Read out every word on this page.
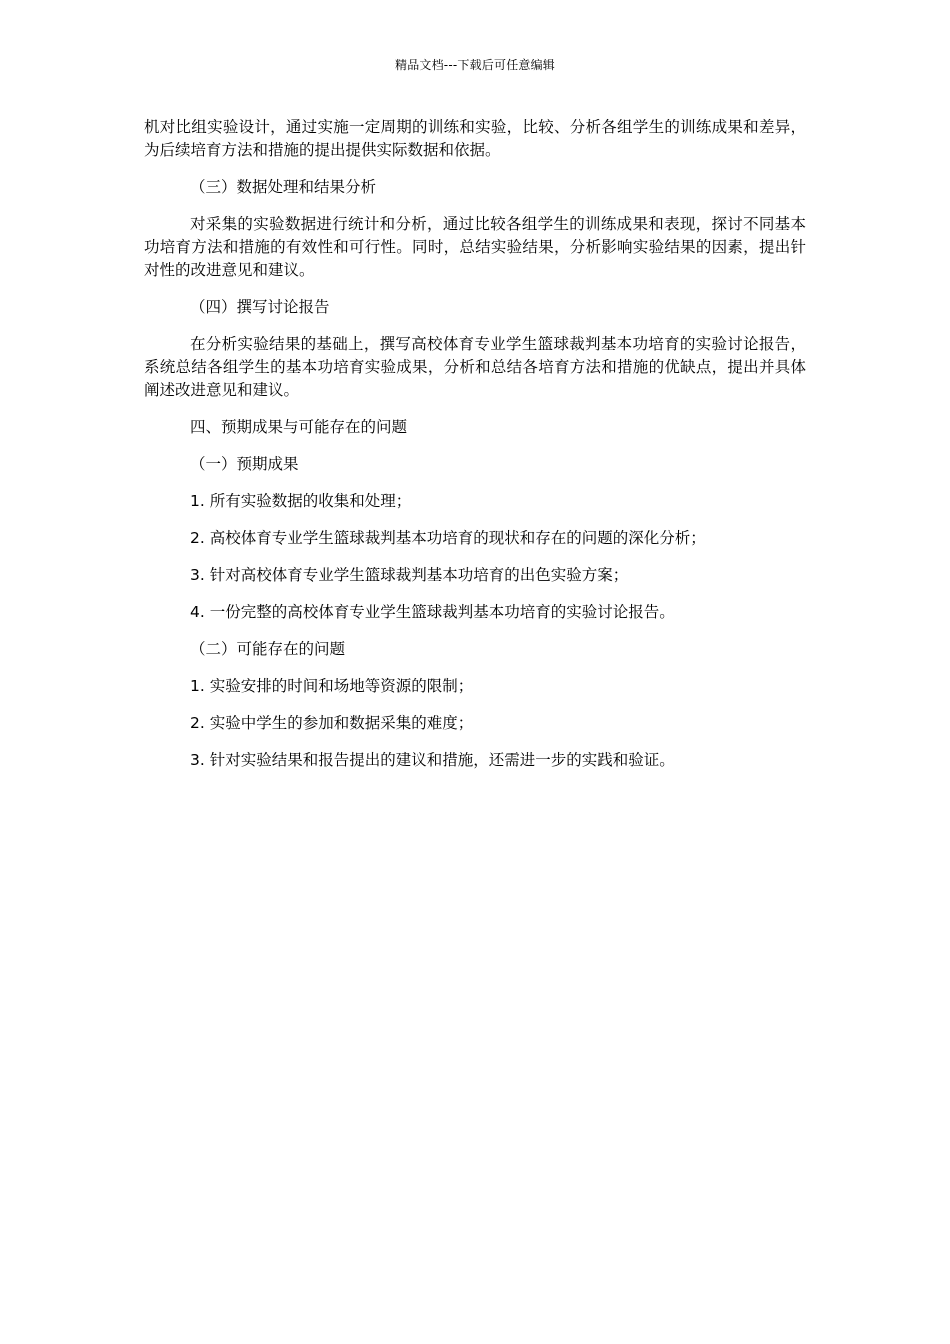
精品文档---下载后可任意编辑

机对比组实验设计，通过实施一定周期的训练和实验，比较、分析各组学生的训练成果和差异，为后续培育方法和措施的提出提供实际数据和依据。

（三）数据处理和结果分析

对采集的实验数据进行统计和分析，通过比较各组学生的训练成果和表现，探讨不同基本功培育方法和措施的有效性和可行性。同时，总结实验结果，分析影响实验结果的因素，提出针对性的改进意见和建议。

（四）撰写讨论报告

在分析实验结果的基础上，撰写高校体育专业学生篮球裁判基本功培育的实验讨论报告，系统总结各组学生的基本功培育实验成果，分析和总结各培育方法和措施的优缺点，提出并具体阐述改进意见和建议。

四、预期成果与可能存在的问题

（一）预期成果

1. 所有实验数据的收集和处理；

2. 高校体育专业学生篮球裁判基本功培育的现状和存在的问题的深化分析；

3. 针对高校体育专业学生篮球裁判基本功培育的出色实验方案；

4. 一份完整的高校体育专业学生篮球裁判基本功培育的实验讨论报告。

（二）可能存在的问题

1. 实验安排的时间和场地等资源的限制；

2. 实验中学生的参加和数据采集的难度；

3. 针对实验结果和报告提出的建议和措施，还需进一步的实践和验证。
